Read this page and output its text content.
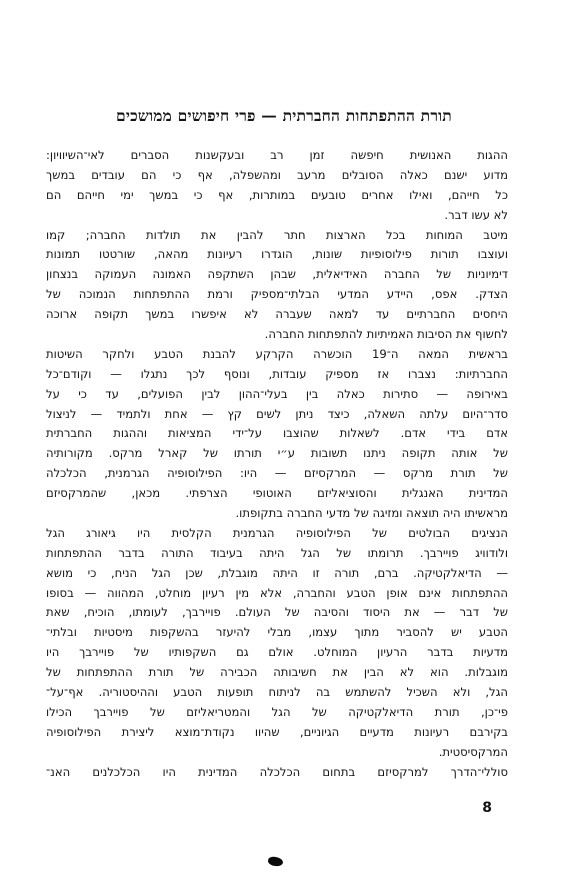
תורת ההתפתחות החברתית — פרי חיפושים ממושכים
ההגות האנושית חיפשה זמן רב ובעקשנות הסברים לאי־השיוויון:
מדוע ישנם כאלה הסובלים מרעב ומהשפלה, אף כי הם עובדים במשך
כל חייהם, ואילו אחרים טובעים במותרות, אף כי במשך ימי חייהם הם
לא עשו דבר.
מיטב המוחות בכל הארצות חתר להבין את תולדות החברה; קמו
ועוצבו תורות פילוסופיות שונות, הוגדרו רעיונות מהאה, שורטטו תמונות
דימיוניות של החברה האידיאלית, שבהן השתקפה האמונה העמוקה בנצחון
הצדק. אפס, היידע המדעי הבלתי־מספיק ורמת ההתפתחות הנמוכה של
היחסים החברתיים עד למאה שעברה לא איפשרו במשך תקופה ארוכה
לחשוף את הסיבות האמיתיות להתפתחות החברה.
בראשית המאה ה־19 הוכשרה הקרקע להבנת הטבע ולחקר השיטות
החברתיות: נצברו אז מספיק עובדות, ונוסף לכך נתגלו — וקודם־כל
באירופה — סתירות כאלה בין בעלי־ההון לבין הפועלים, עד כי על
סדר־היום עלתה השאלה, כיצד ניתן לשים קץ — אחת ולתמיד — לניצול
אדם בידי אדם. לשאלות שהוצבו על־ידי המציאות וההגות החברתית
של אותה תקופה ניתנו תשובות ע״י תורתו של קארל מרקס. מקורותיה
של תורת מרקס — המרקסיזם — היו: הפילוסופיה הגרמנית, הכלכלה
המדינית האנגלית והסוציאליזם האוטופי הצרפתי. מכאן, שהמרקסיזם
מראשיתו היה תוצאה ומזיגה של מדעי החברה בתקופתו.
הנציגים הבולטים של הפילוסופיה הגרמנית הקלסית היו גיאורג הגל
ולודוויג פויירבך. תרומתו של הגל היתה בעיבוד התורה בדבר ההתפתחות
— הדיאלקטיקה. ברם, תורה זו היתה מוגבלת, שכן הגל הניח, כי מושא
ההתפתחות אינם אופן הטבע והחברה, אלא מין רעיון מוחלט, המהווה — בסופו
של דבר — את היסוד והסיבה של העולם. פויירבך, לעומתו, הוכיח, שאת
הטבע יש להסביר מתוך עצמו, מבלי להיעזר בהשקפות מיסטיות ובלתי־
מדעיות בדבר הרעיון המוחלט. אולם גם השקפותיו של פויירבך היו
מוגבלות. הוא לא הבין את חשיבותה הכבירה של תורת ההתפתחות של
הגל, ולא השכיל להשתמש בה לניתוח תופעות הטבע וההיסטוריה. אף־על־
פי־כן, תורת הדיאלקטיקה של הגל והמטריאליזם של פויירבך הכילו
בקירבם רעיונות מדעיים הגיוניים, שהיוו נקודת־מוצא ליצירת הפילוסופיה
המרקסיסטית.
סוללי־הדרך למרקסיזם בתחום הכלכלה המדינית היו הכלכלנים האנ־
8
